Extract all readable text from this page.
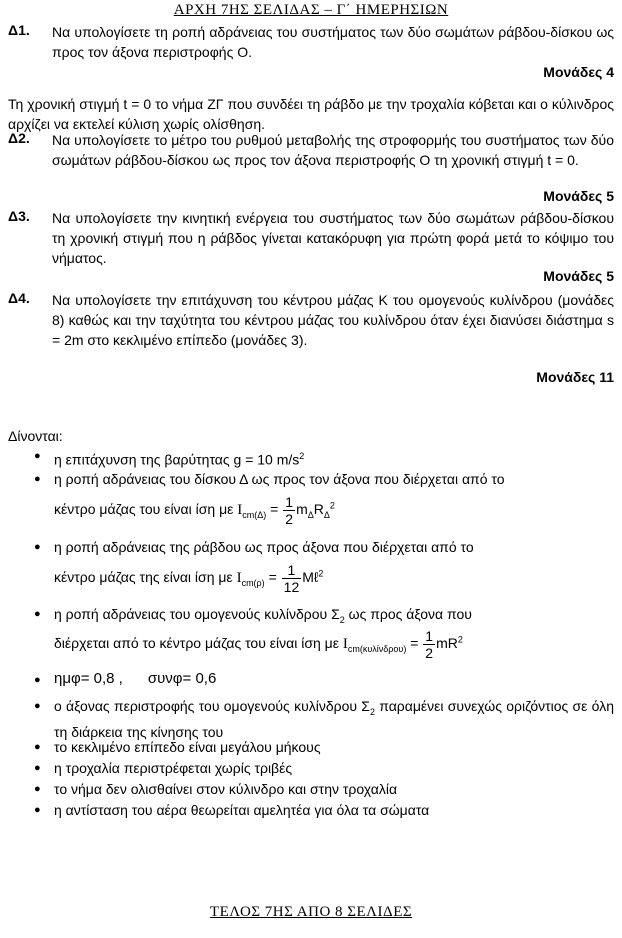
ΑΡΧΗ 7ΗΣ ΣΕΛΙΔΑΣ – Γ΄ ΗΜΕΡΗΣΙΩΝ
Δ1. Να υπολογίσετε τη ροπή αδράνειας του συστήματος των δύο σωμάτων ράβδου-δίσκου ως προς τον άξονα περιστροφής Ο.
Μονάδες 4
Τη χρονική στιγμή t = 0 το νήμα ΖΓ που συνδέει τη ράβδο με την τροχαλία κόβεται και ο κύλινδρος αρχίζει να εκτελεί κύλιση χωρίς ολίσθηση.
Δ2. Να υπολογίσετε το μέτρο του ρυθμού μεταβολής της στροφορμής του συστήματος των δύο σωμάτων ράβδου-δίσκου ως προς τον άξονα περιστροφής Ο τη χρονική στιγμή t = 0.
Μονάδες 5
Δ3. Να υπολογίσετε την κινητική ενέργεια του συστήματος των δύο σωμάτων ράβδου-δίσκου τη χρονική στιγμή που η ράβδος γίνεται κατακόρυφη για πρώτη φορά μετά το κόψιμο του νήματος.
Μονάδες 5
Δ4. Να υπολογίσετε την επιτάχυνση του κέντρου μάζας Κ του ομογενούς κυλίνδρου (μονάδες 8) καθώς και την ταχύτητα του κέντρου μάζας του κυλίνδρου όταν έχει διανύσει διάστημα s = 2m στο κεκλιμένο επίπεδο (μονάδες 3).
Μονάδες 11
Δίνονται:
● η επιτάχυνση της βαρύτητας g = 10 $m/s^2$
● η ροπή αδράνειας του δίσκου Δ ως προς τον άξονα που διέρχεται από το
κέντρο μάζας του είναι ίση με $I_{cm(\Delta)} = \frac{1}{2} m_\Delta R_\Delta^2$
● η ροπή αδράνειας της ράβδου ως προς άξονα που διέρχεται από το
κέντρο μάζας της είναι ίση με $I_{cm(\rho)} = \frac{1}{12}$ Mℓ$^2$
● η ροπή αδράνειας του ομογενούς κυλίνδρου $\Sigma_2$ ως προς άξονα που
διέρχεται από το κέντρο μάζας του είναι ίση με $I_{cm(\kappa\upsilon\lambda ί\nu\delta\rho o\upsilon)} = \frac{1}{2} mR^2$
● ημφ= 0,8 ,      συνφ= 0,6
● ο άξονας περιστροφής του ομογενούς κυλίνδρου $\Sigma_2$ παραμένει συνεχώς οριζόντιος σε όλη τη διάρκεια της κίνησης του
● το κεκλιμένο επίπεδο είναι μεγάλου μήκους
● η τροχαλία περιστρέφεται χωρίς τριβές
● το νήμα δεν ολισθαίνει στον κύλινδρο και στην τροχαλία
● η αντίσταση του αέρα θεωρείται αμελητέα για όλα τα σώματα
ΤΕΛΟΣ 7ΗΣ ΑΠΟ 8 ΣΕΛΙΔΕΣ
